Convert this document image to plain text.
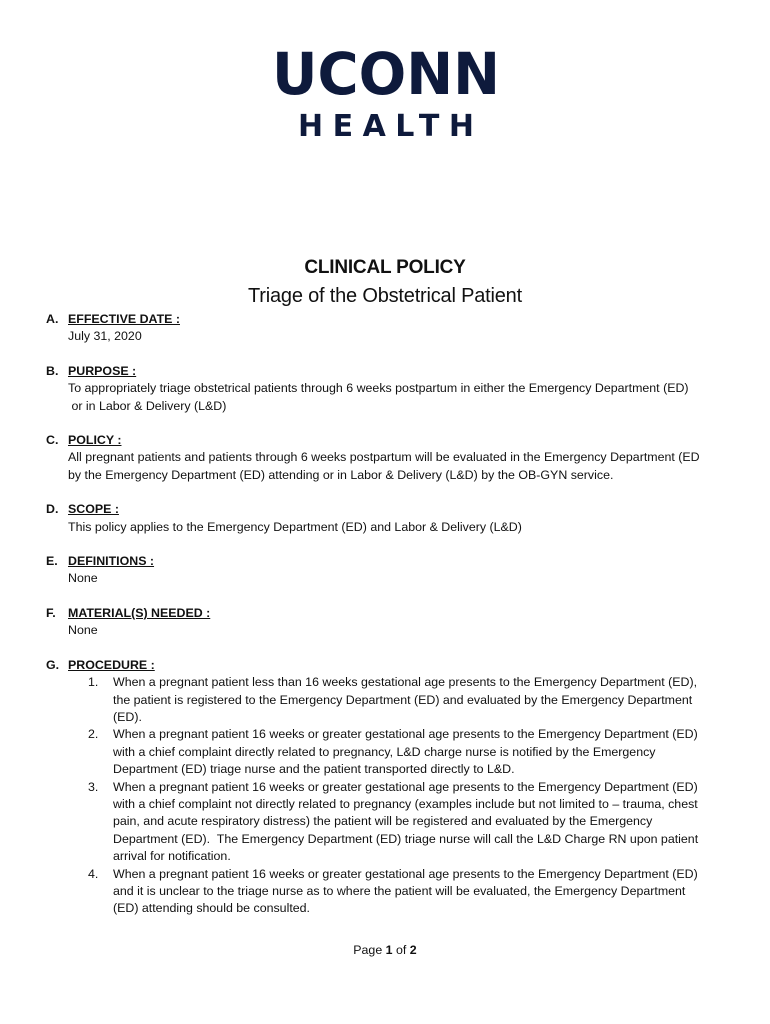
UCONN
HEALTH
CLINICAL POLICY
Triage of the Obstetrical Patient
A. EFFECTIVE DATE :
July 31, 2020
B. PURPOSE :
To appropriately triage obstetrical patients through 6 weeks postpartum in either the Emergency Department (ED)
or in Labor & Delivery (L&D)
C. POLICY :
All pregnant patients and patients through 6 weeks postpartum will be evaluated in the Emergency Department (ED
by the Emergency Department (ED) attending or in Labor & Delivery (L&D) by the OB-GYN service.
D. SCOPE :
This policy applies to the Emergency Department (ED) and Labor & Delivery (L&D)
E. DEFINITIONS :
None
F. MATERIAL(S) NEEDED :
None
G. PROCEDURE :
1. When a pregnant patient less than 16 weeks gestational age presents to the Emergency Department (ED),
the patient is registered to the Emergency Department (ED) and evaluated by the Emergency Department
(ED).
2. When a pregnant patient 16 weeks or greater gestational age presents to the Emergency Department (ED)
with a chief complaint directly related to pregnancy, L&D charge nurse is notified by the Emergency
Department (ED) triage nurse and the patient transported directly to L&D.
3. When a pregnant patient 16 weeks or greater gestational age presents to the Emergency Department (ED)
with a chief complaint not directly related to pregnancy (examples include but not limited to – trauma, chest
pain, and acute respiratory distress) the patient will be registered and evaluated by the Emergency
Department (ED).  The Emergency Department (ED) triage nurse will call the L&D Charge RN upon patient
arrival for notification.
4. When a pregnant patient 16 weeks or greater gestational age presents to the Emergency Department (ED)
and it is unclear to the triage nurse as to where the patient will be evaluated, the Emergency Department
(ED) attending should be consulted.
Page 1 of 2
